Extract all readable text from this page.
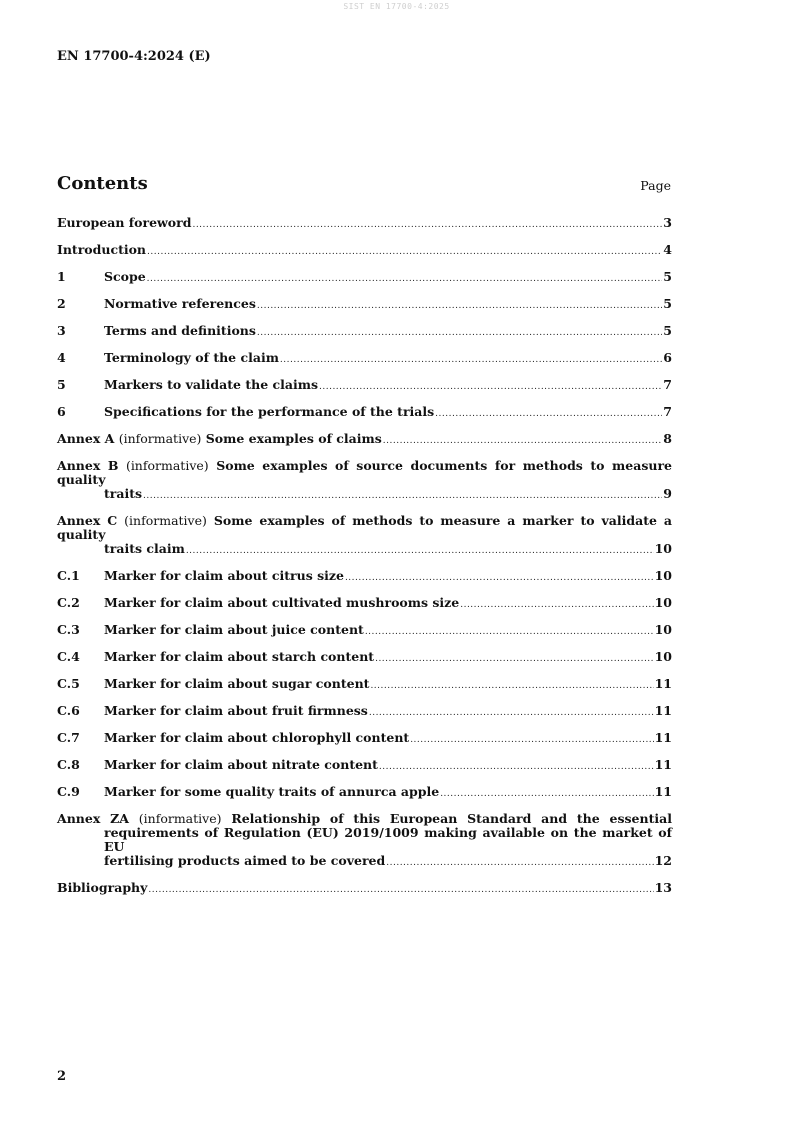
SIST EN 17700-4:2025
EN 17700-4:2024 (E)
Contents	Page
European foreword .....	3
Introduction .....	4
1	Scope .....	5
2	Normative references .....	5
3	Terms and definitions .....	5
4	Terminology of the claim .....	6
5	Markers to validate the claims .....	7
6	Specifications for the performance of the trials .....	7
Annex A (informative) Some examples of claims .....	8
Annex B (informative) Some examples of source documents for methods to measure quality
traits .....	9
Annex C (informative) Some examples of methods to measure a marker to validate a quality
traits claim .....	10
C.1	Marker for claim about citrus size .....	10
C.2	Marker for claim about cultivated mushrooms size .....	10
C.3	Marker for claim about juice content .....	10
C.4	Marker for claim about starch content .....	10
C.5	Marker for claim about sugar content .....	11
C.6	Marker for claim about fruit firmness .....	11
C.7	Marker for claim about chlorophyll content .....	11
C.8	Marker for claim about nitrate content .....	11
C.9	Marker for some quality traits of annurca apple .....	11
Annex ZA (informative) Relationship of this European Standard and the essential
requirements of Regulation (EU) 2019/1009 making available on the market of EU
fertilising products aimed to be covered .....	12
Bibliography .....	13
2
